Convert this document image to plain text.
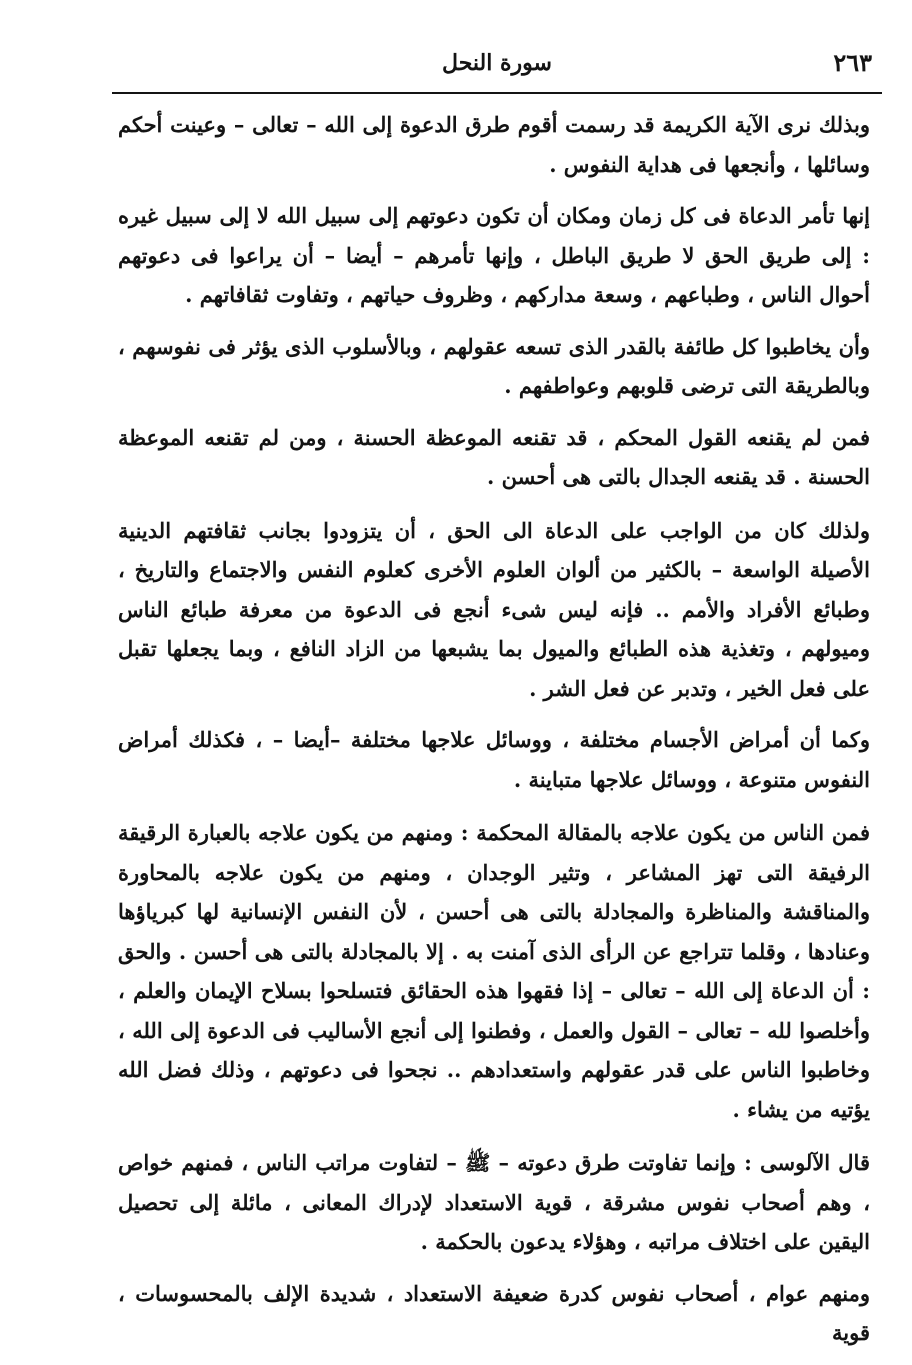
٢٦٣
سورة النحل

وبذلك نرى الآية الكريمة قد رسمت أقوم طرق الدعوة إلى الله – تعالى – وعينت أحكم وسائلها ، وأنجعها فى هداية النفوس .

إنها تأمر الدعاة فى كل زمان ومكان أن تكون دعوتهم إلى سبيل الله لا إلى سبيل غيره : إلى طريق الحق لا طريق الباطل ، وإنها تأمرهم – أيضا – أن يراعوا فى دعوتهم أحوال الناس ، وطباعهم ، وسعة مداركهم ، وظروف حياتهم ، وتفاوت ثقافاتهم .

وأن يخاطبوا كل طائفة بالقدر الذى تسعه عقولهم ، وبالأسلوب الذى يؤثر فى نفوسهم ، وبالطريقة التى ترضى قلوبهم وعواطفهم .

فمن لم يقنعه القول المحكم ، قد تقنعه الموعظة الحسنة ، ومن لم تقنعه الموعظة الحسنة . قد يقنعه الجدال بالتى هى أحسن .

ولذلك كان من الواجب على الدعاة الى الحق ، أن يتزودوا بجانب ثقافتهم الدينية الأصيلة الواسعة – بالكثير من ألوان العلوم الأخرى كعلوم النفس والاجتماع والتاريخ ، وطبائع الأفراد والأمم .. فإنه ليس شىء أنجع فى الدعوة من معرفة طبائع الناس وميولهم ، وتغذية هذه الطبائع والميول بما يشبعها من الزاد النافع ، وبما يجعلها تقبل على فعل الخير ، وتدبر عن فعل الشر .

وكما أن أمراض الأجسام مختلفة ، ووسائل علاجها مختلفة –أيضا – ، فكذلك أمراض النفوس متنوعة ، ووسائل علاجها متباينة .

فمن الناس من يكون علاجه بالمقالة المحكمة : ومنهم من يكون علاجه بالعبارة الرقيقة الرفيقة التى تهز المشاعر ، وتثير الوجدان ، ومنهم من يكون علاجه بالمحاورة والمناقشة والمناظرة والمجادلة بالتى هى أحسن ، لأن النفس الإنسانية لها كبرياؤها وعنادها ، وقلما تتراجع عن الرأى الذى آمنت به . إلا بالمجادلة بالتى هى أحسن . والحق : أن الدعاة إلى الله – تعالى – إذا فقهوا هذه الحقائق فتسلحوا بسلاح الإيمان والعلم ، وأخلصوا لله – تعالى – القول والعمل ، وفطنوا إلى أنجع الأساليب فى الدعوة إلى الله ، وخاطبوا الناس على قدر عقولهم واستعدادهم .. نجحوا فى دعوتهم ، وذلك فضل الله يؤتيه من يشاء .

قال الآلوسى : وإنما تفاوتت طرق دعوته – ﷺ – لتفاوت مراتب الناس ، فمنهم خواص ، وهم أصحاب نفوس مشرقة ، قوية الاستعداد لإدراك المعانى ، مائلة إلى تحصيل اليقين على اختلاف مراتبه ، وهؤلاء يدعون بالحكمة .

ومنهم عوام ، أصحاب نفوس كدرة ضعيفة الاستعداد ، شديدة الإلف بالمحسوسات ، قوية
